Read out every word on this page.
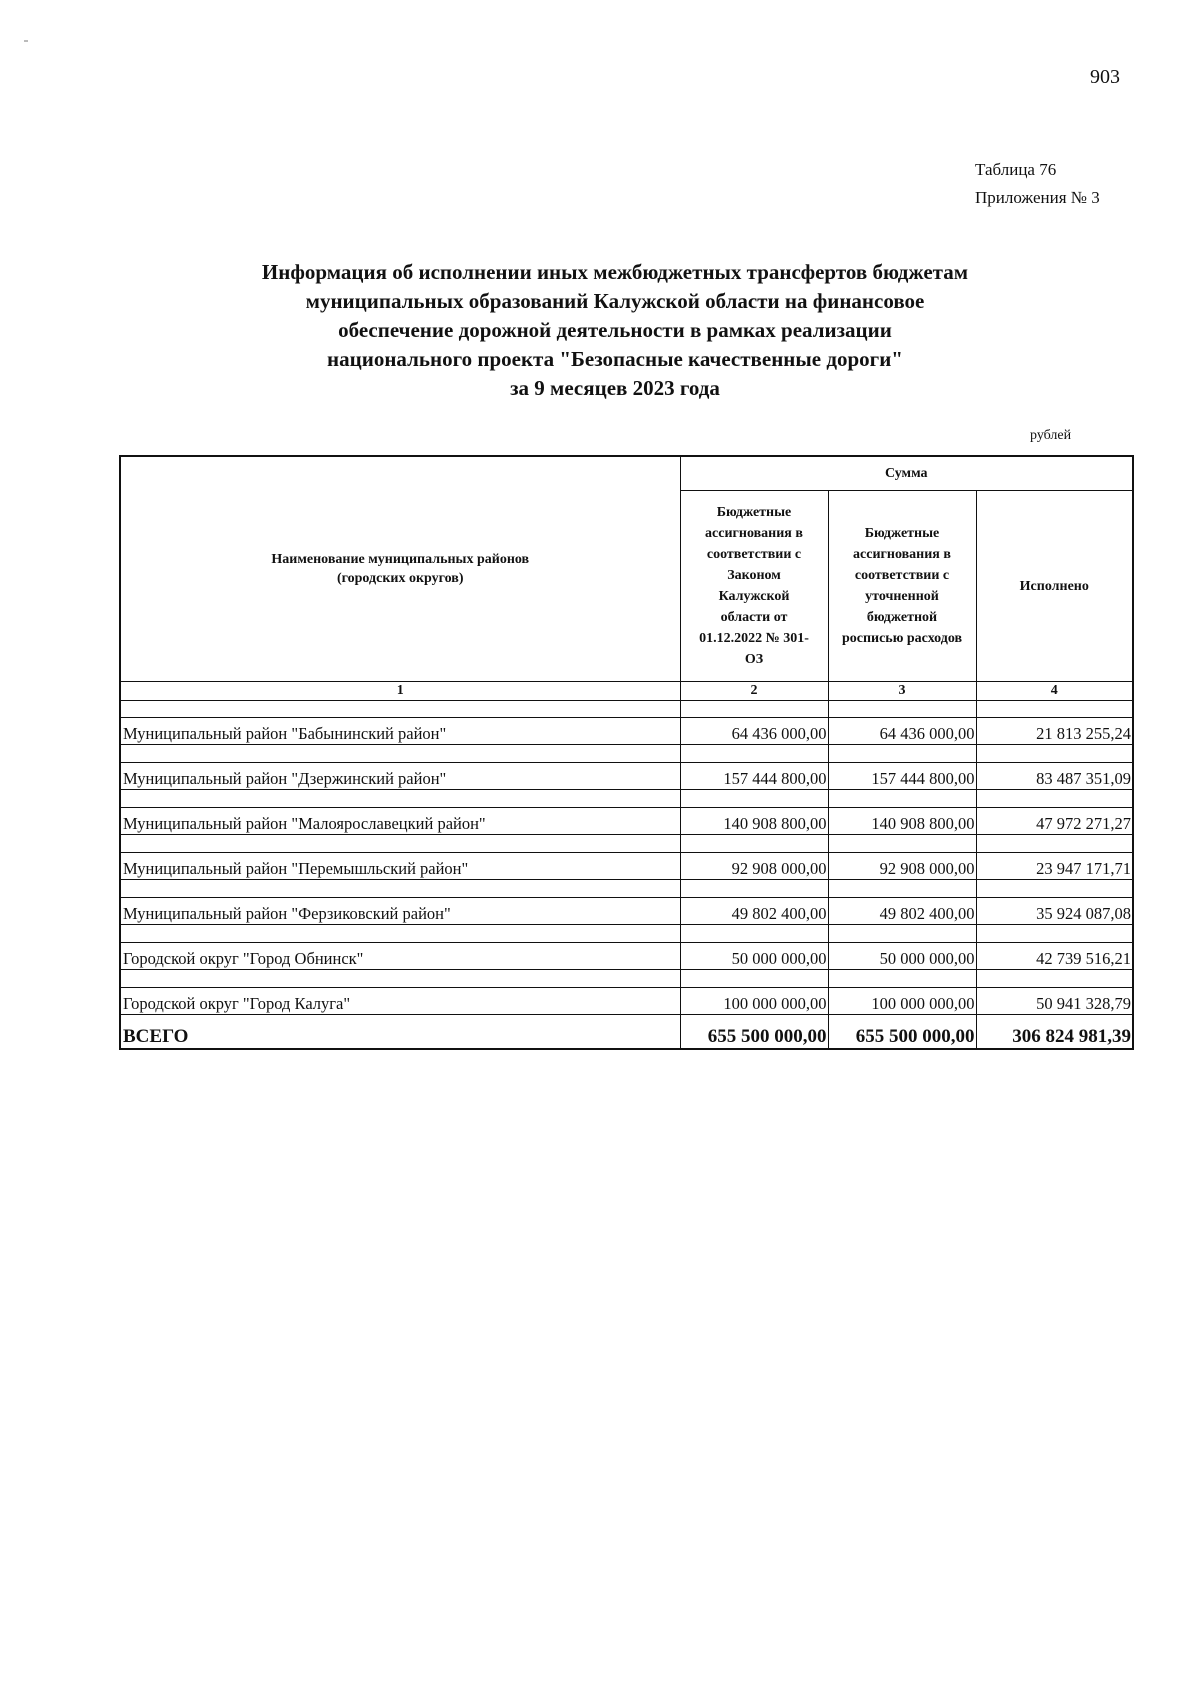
903
Таблица 76
Приложения № 3
Информация об исполнении иных межбюджетных трансфертов бюджетам
муниципальных образований Калужской области на финансовое
обеспечение дорожной деятельности в рамках реализации
национального проекта "Безопасные качественные дороги"
за 9 месяцев 2023 года
рублей
Наименование муниципальных районов (городских округов)	Сумма		

	Бюджетные ассигнования в соответствии с Законом Калужской области от 01.12.2022 № 301-ОЗ	Бюджетные ассигнования в соответствии с уточненной бюджетной росписью расходов	Исполнено
1	2	3	4

Муниципальный район "Бабынинский район"	64 436 000,00	64 436 000,00	21 813 255,24

Муниципальный район "Дзержинский район"	157 444 800,00	157 444 800,00	83 487 351,09

Муниципальный район "Малоярославецкий район"	140 908 800,00	140 908 800,00	47 972 271,27

Муниципальный район "Перемышльский район"	92 908 000,00	92 908 000,00	23 947 171,71

Муниципальный район "Ферзиковский район"	49 802 400,00	49 802 400,00	35 924 087,08

Городской округ "Город Обнинск"	50 000 000,00	50 000 000,00	42 739 516,21

Городской округ "Город Калуга"	100 000 000,00	100 000 000,00	50 941 328,79
ВСЕГО	655 500 000,00	655 500 000,00	306 824 981,39
